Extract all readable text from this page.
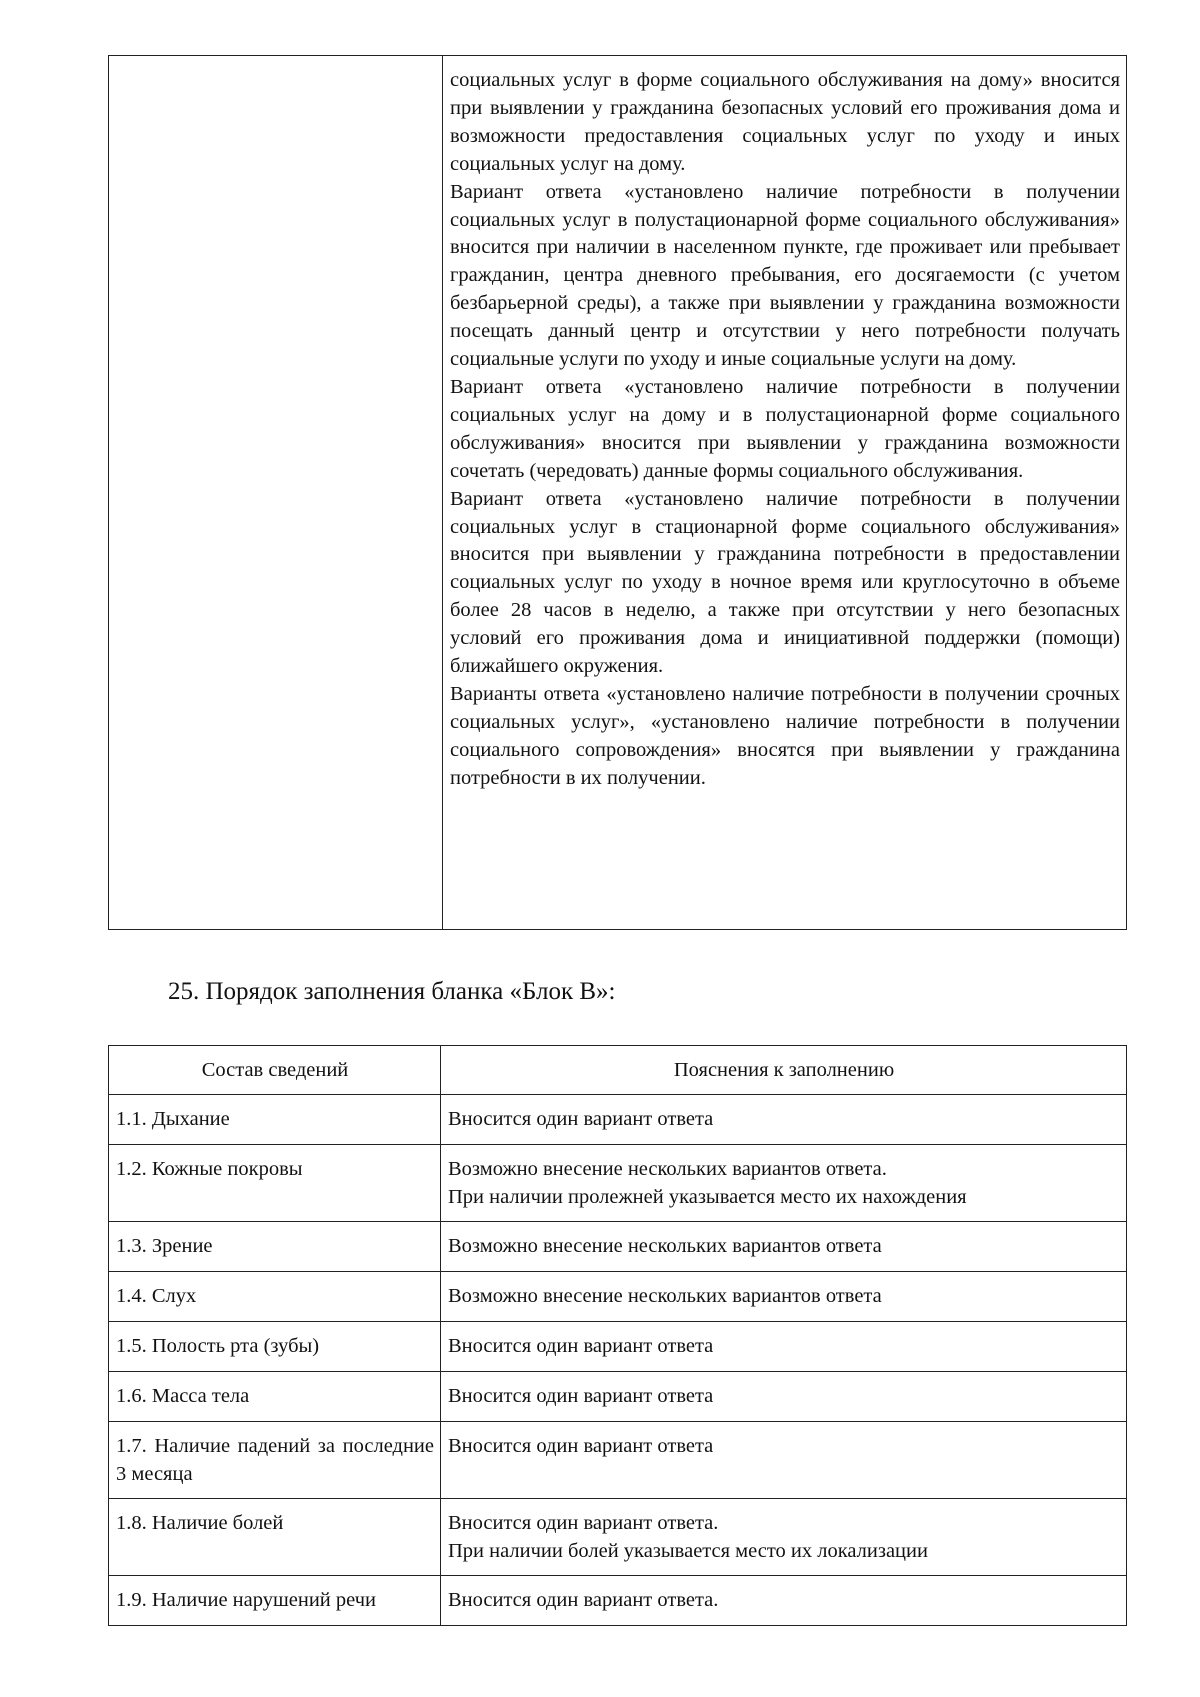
социальных услуг в форме социального обслуживания на дому» вносится при выявлении у гражданина безопасных условий его проживания дома и возможности предоставления социальных услуг по уходу и иных социальных услуг на дому.

Вариант ответа «установлено наличие потребности в получении социальных услуг в полустационарной форме социального обслуживания» вносится при наличии в населенном пункте, где проживает или пребывает гражданин, центра дневного пребывания, его досягаемости (с учетом безбарьерной среды), а также при выявлении у гражданина возможности посещать данный центр и отсутствии у него потребности получать социальные услуги по уходу и иные социальные услуги на дому.

Вариант ответа «установлено наличие потребности в получении социальных услуг на дому и в полустационарной форме социального обслуживания» вносится при выявлении у гражданина возможности сочетать (чередовать) данные формы социального обслуживания.

Вариант ответа «установлено наличие потребности в получении социальных услуг в стационарной форме социального обслуживания» вносится при выявлении у гражданина потребности в предоставлении социальных услуг по уходу в ночное время или круглосуточно в объеме более 28 часов в неделю, а также при отсутствии у него безопасных условий его проживания дома и инициативной поддержки (помощи) ближайшего окружения.

Варианты ответа «установлено наличие потребности в получении срочных социальных услуг», «установлено наличие потребности в получении социального сопровождения» вносятся при выявлении у гражданина потребности в их получении.

25. Порядок заполнения бланка «Блок В»:
Состав сведений	Пояснения к заполнению
1.1. Дыхание	Вносится один вариант ответа

1.2. Кожные покровы	Возможно внесение нескольких вариантов ответа.

При наличии пролежней указывается место их нахождения

1.3. Зрение	Возможно внесение нескольких вариантов ответа

1.4. Слух	Возможно внесение нескольких вариантов ответа

1.5. Полость рта (зубы)	Вносится один вариант ответа

1.6. Масса тела	Вносится один вариант ответа

1.7. Наличие падений за последние 3 месяца	Вносится один вариант ответа

1.8. Наличие болей	Вносится один вариант ответа.

При наличии болей указывается место их локализации

1.9. Наличие нарушений речи	Вносится один вариант ответа.
